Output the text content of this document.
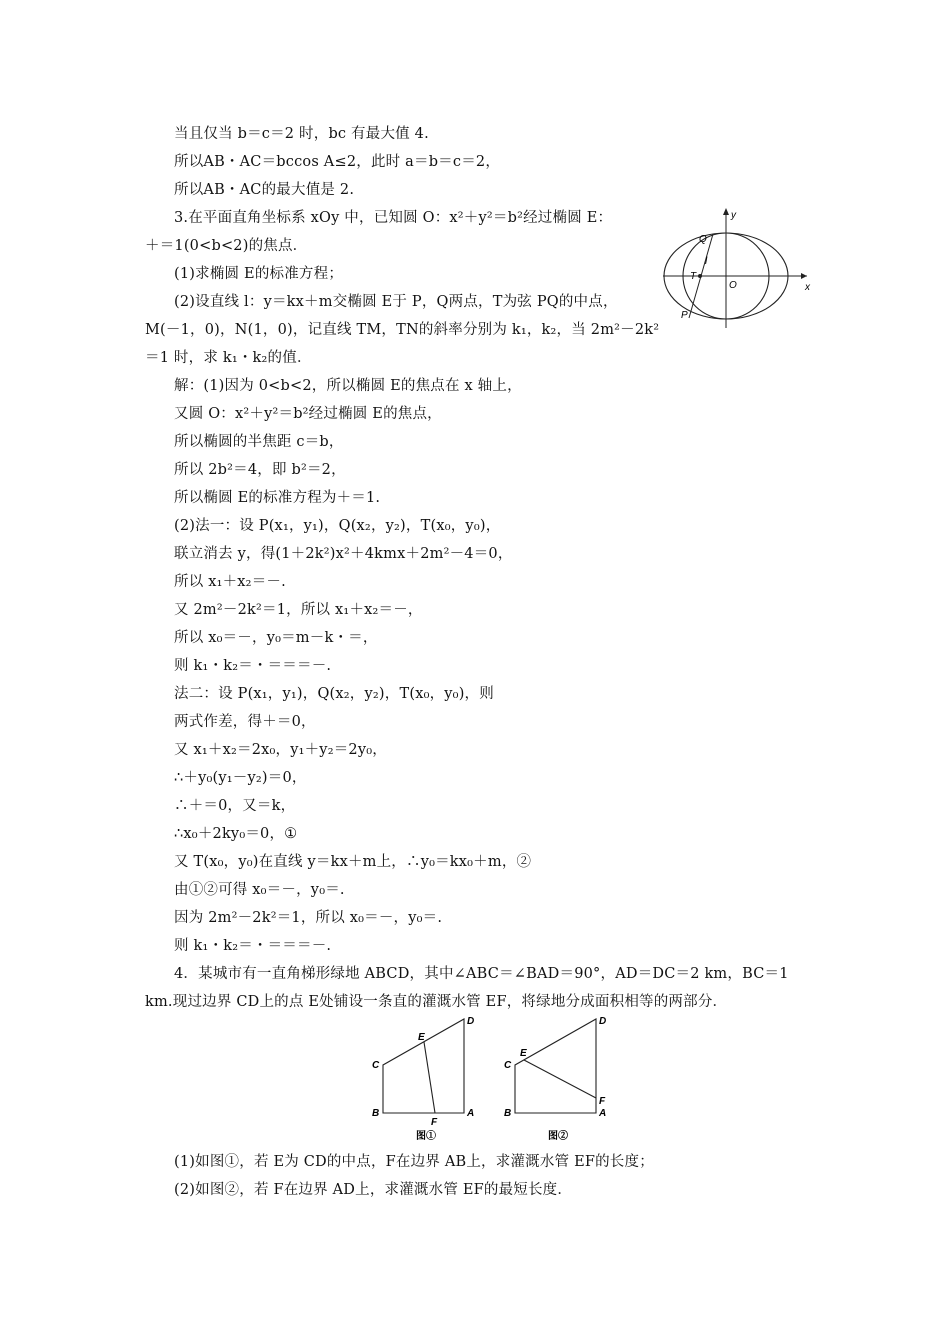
当且仅当 b＝c＝2 时，bc 有最大值 4.
所以AB・AC＝bccos A≤2，此时 a＝b＝c＝2，
所以AB・AC的最大值是 2.
3.在平面直角坐标系 xOy 中，已知圆 O：x²＋y²＝b²经过椭圆 E：
＋＝1(0<b<2)的焦点．
(1)求椭圆 E的标准方程；
(2)设直线 l：y＝kx＋m交椭圆 E于 P，Q两点，T为弦 PQ的中点，
M(－1，0)，N(1，0)，记直线 TM，TN的斜率分别为 k₁，k₂，当 2m²－2k²
＝1 时，求 k₁・k₂的值．
解：(1)因为 0<b<2，所以椭圆 E的焦点在 x 轴上，
又圆 O：x²＋y²＝b²经过椭圆 E的焦点，
所以椭圆的半焦距 c＝b，
所以 2b²＝4，即 b²＝2，
所以椭圆 E的标准方程为＋＝1.
(2)法一：设 P(x₁，y₁)，Q(x₂，y₂)，T(x₀，y₀)，
联立消去 y，得(1＋2k²)x²＋4kmx＋2m²－4＝0，
所以 x₁＋x₂＝－.
又 2m²－2k²＝1，所以 x₁＋x₂＝－，
所以 x₀＝－，y₀＝m－k・＝，
则 k₁・k₂＝・＝＝＝－.
法二：设 P(x₁，y₁)，Q(x₂，y₂)，T(x₀，y₀)，则
两式作差，得＋＝0，
又 x₁＋x₂＝2x₀，y₁＋y₂＝2y₀，
∴＋y₀(y₁－y₂)＝0，
∴＋＝0，又＝k，
∴x₀＋2ky₀＝0，①
又 T(x₀，y₀)在直线 y＝kx＋m上，∴y₀＝kx₀＋m，②
由①②可得 x₀＝－，y₀＝.
因为 2m²－2k²＝1，所以 x₀＝－，y₀＝.
则 k₁・k₂＝・＝＝＝－.
4．某城市有一直角梯形绿地 ABCD，其中∠ABC＝∠BAD＝90°，AD＝DC＝2 km，BC＝1
km.现过边界 CD上的点 E处铺设一条直的灌溉水管 EF，将绿地分成面积相等的两部分．
(1)如图①，若 E为 CD的中点，F在边界 AB上，求灌溉水管 EF的长度；
(2)如图②，若 F在边界 AD上，求灌溉水管 EF的最短长度．
x
y
O
Q
T
l
P
C
B	A
D
E
F
图①
C
B	A
D
E
F
图②
